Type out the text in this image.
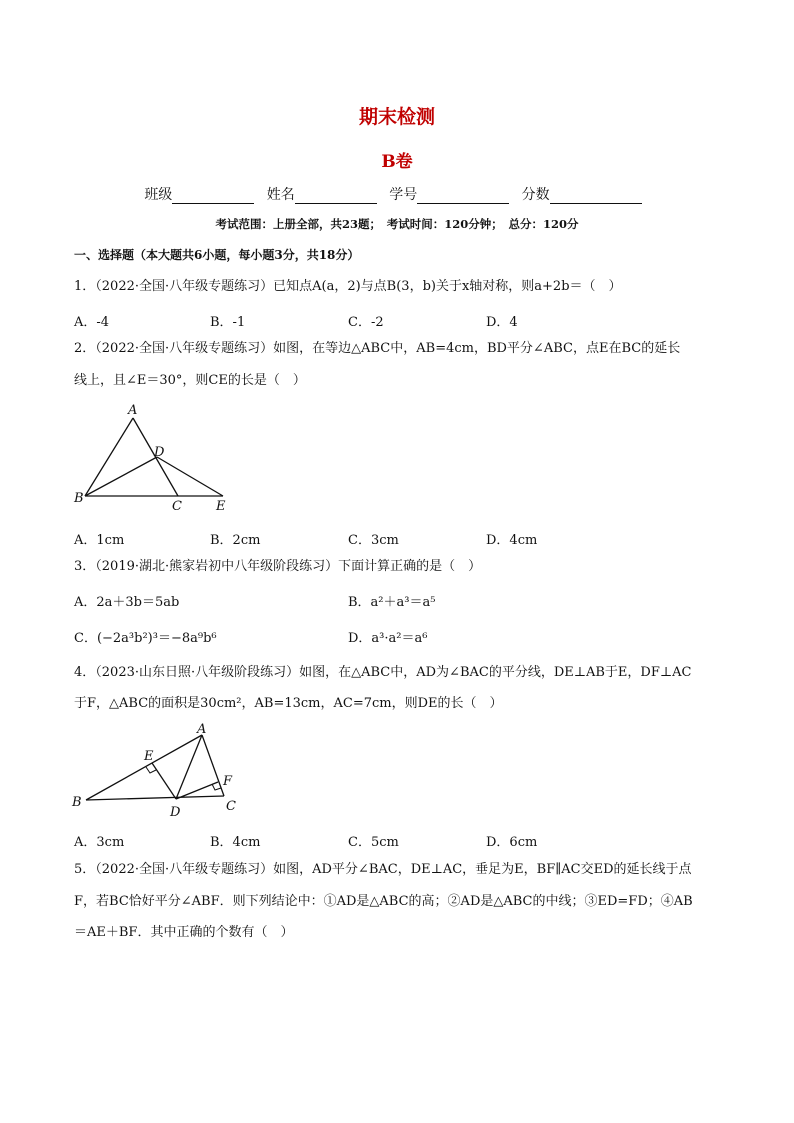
期末检测
B卷
班级	姓名	学号	分数
考试范围：上册全部，共23题；　考试时间：120分钟；　总分：120分
一、选择题（本大题共6小题，每小题3分，共18分）
1．（2022·全国·八年级专题练习）已知点A(a，2)与点B(3，b)关于x轴对称，则a+2b＝（　）
A．-4	B．-1	C．-2	D．4
2．（2022·全国·八年级专题练习）如图，在等边△ABC中，AB=4cm，BD平分∠ABC，点E在BC的延长
线上，且∠E＝30°，则CE的长是（　）
A
D
B
C	E
A．1cm	B．2cm	C．3cm	D．4cm
3．（2019·湖北·熊家岩初中八年级阶段练习）下面计算正确的是（　）
A．2a＋3b＝5ab	B．a²＋a³＝a⁵
C．(−2a³b²)³＝−8a⁹b⁶	D．a³·a²＝a⁶
4．（2023·山东日照·八年级阶段练习）如图，在△ABC中，AD为∠BAC的平分线，DE⊥AB于E，DF⊥AC
于F，△ABC的面积是30cm²，AB=13cm，AC=7cm，则DE的长（　）
A
E
F
B
D	C
A．3cm	B．4cm	C．5cm	D．6cm
5．（2022·全国·八年级专题练习）如图，AD平分∠BAC，DE⊥AC，垂足为E，BF∥AC交ED的延长线于点
F，若BC恰好平分∠ABF．则下列结论中：①AD是△ABC的高；②AD是△ABC的中线；③ED=FD；④AB
＝AE＋BF．其中正确的个数有（　）
